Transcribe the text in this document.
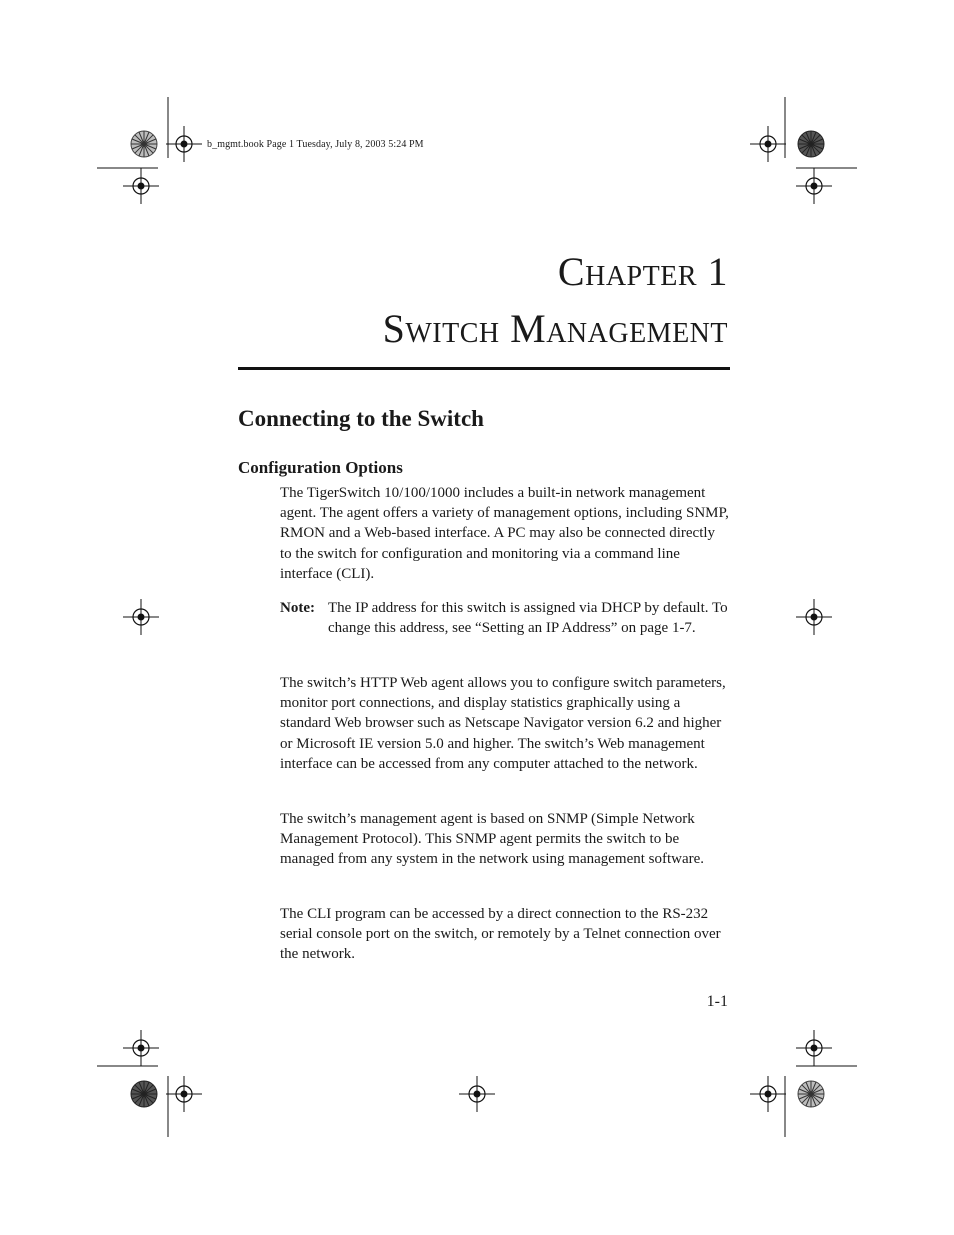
b_mgmt.book Page 1 Tuesday, July 8, 2003 5:24 PM
Chapter 1
Switch Management
Connecting to the Switch
Configuration Options

The TigerSwitch 10/100/1000 includes a built-in network management agent. The agent offers a variety of management options, including SNMP, RMON and a Web-based interface. A PC may also be connected directly to the switch for configuration and monitoring via a command line interface (CLI).

Note: The IP address for this switch is assigned via DHCP by default. To change this address, see “Setting an IP Address” on page 1-7.

The switch’s HTTP Web agent allows you to configure switch parameters, monitor port connections, and display statistics graphically using a standard Web browser such as Netscape Navigator version 6.2 and higher or Microsoft IE version 5.0 and higher. The switch’s Web management interface can be accessed from any computer attached to the network.

The switch’s management agent is based on SNMP (Simple Network Management Protocol). This SNMP agent permits the switch to be managed from any system in the network using management software.

The CLI program can be accessed by a direct connection to the RS-232 serial console port on the switch, or remotely by a Telnet connection over the network.

1-1
